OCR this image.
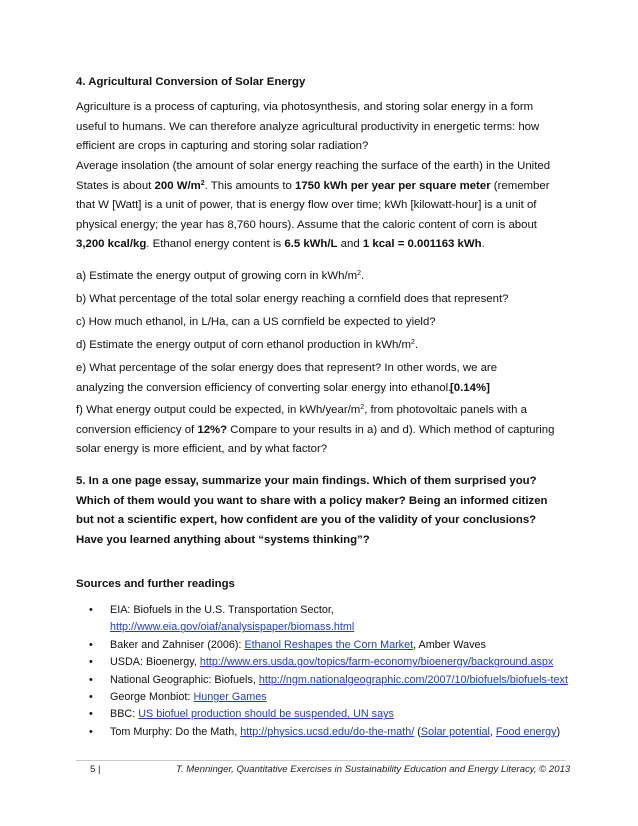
4. Agricultural Conversion of Solar Energy

Agriculture is a process of capturing, via photosynthesis, and storing solar energy in a form useful to humans. We can therefore analyze agricultural productivity in energetic terms: how efficient are crops in capturing and storing solar radiation?

Average insolation (the amount of solar energy reaching the surface of the earth) in the United States is about 200 $W/m^2$. This amounts to 1750 kWh per year per square meter (remember that W [Watt] is a unit of power, that is energy flow over time; kWh [kilowatt-hour] is a unit of physical energy; the year has 8,760 hours). Assume that the caloric content of corn is about 3,200 kcal/kg. Ethanol energy content is 6.5 kWh/L and 1 kcal = 0.001163 kWh.

a) Estimate the energy output of growing corn in kWh/$m^2$.

b) What percentage of the total solar energy reaching a cornfield does that represent?

c) How much ethanol, in L/Ha, can a US cornfield be expected to yield?

d) Estimate the energy output of corn ethanol production in kWh/$m^2$.

e) What percentage of the solar energy does that represent? In other words, we are analyzing the conversion efficiency of converting solar energy into ethanol.
[0.14%]

f) What energy output could be expected, in kWh/$year/m^2$, from photovoltaic panels with a conversion efficiency of 12%? Compare to your results in a) and d). Which method of capturing solar energy is more efficient, and by what factor?

5. In a one page essay, summarize your main findings. Which of them surprised you? Which of them would you want to share with a policy maker? Being an informed citizen but not a scientific expert, how confident are you of the validity of your conclusions? Have you learned anything about “systems thinking”?

Sources and further readings

• EIA: Biofuels in the U.S. Transportation Sector,
http://www.eia.gov/oiaf/analysispaper/biomass.html
• Baker and Zahniser (2006): Ethanol Reshapes the Corn Market, Amber Waves
• USDA: Bioenergy, http://www.ers.usda.gov/topics/farm-economy/bioenergy/background.aspx
• National Geographic: Biofuels, http://ngm.nationalgeographic.com/2007/10/biofuels/biofuels-text
• George Monbiot: Hunger Games
• BBC: US biofuel production should be suspended, UN says
• Tom Murphy: Do the Math, http://physics.ucsd.edu/do-the-math/ (Solar potential, Food energy)
5 |	T. Menninger, Quantitative Exercises in Sustainability Education and Energy Literacy, © 2013
